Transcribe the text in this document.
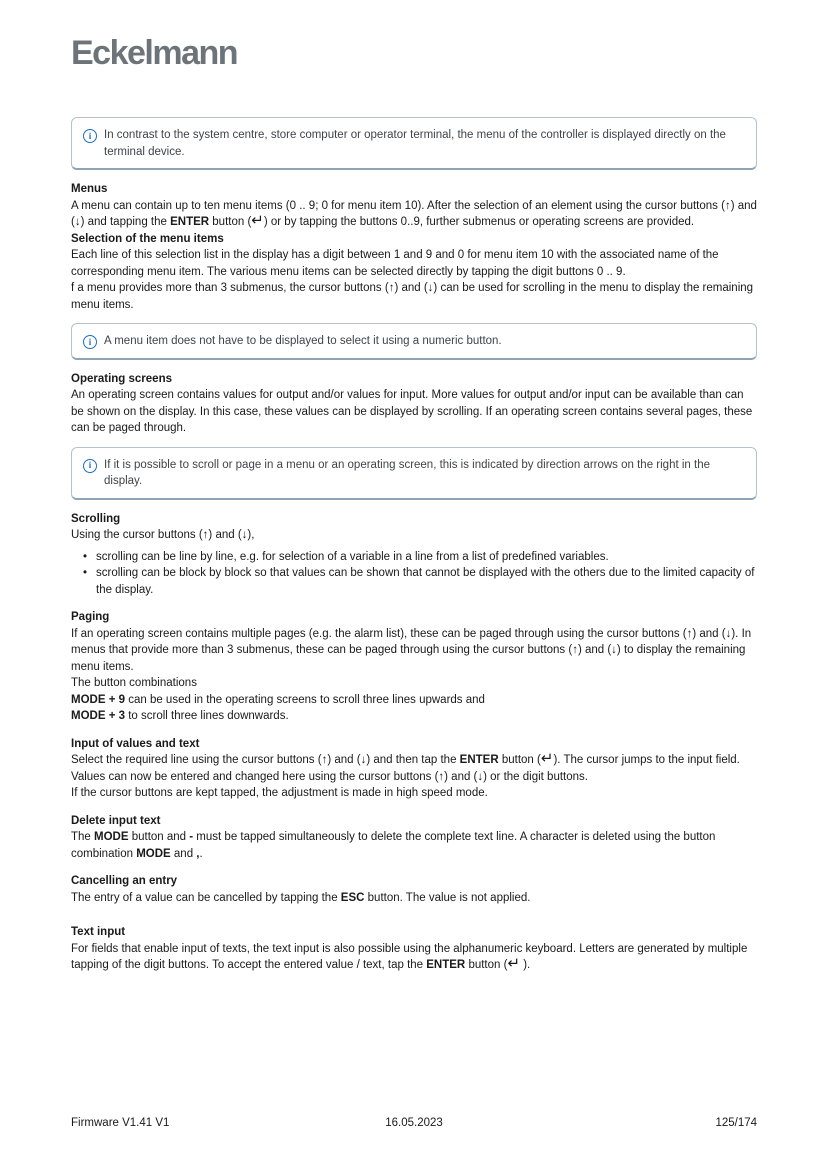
Eckelmann
i	In contrast to the system centre, store computer or operator terminal, the menu of the controller is displayed directly on the terminal device.
Menus

A menu can contain up to ten menu items (0 .. 9; 0 for menu item 10). After the selection of an element using the cursor buttons (↑) and (↓) and tapping the ENTER button (↵) or by tapping the buttons 0..9, further submenus or operating screens are provided.

Selection of the menu items

Each line of this selection list in the display has a digit between 1 and 9 and 0 for menu item 10 with the associated name of the corresponding menu item. The various menu items can be selected directly by tapping the digit buttons 0 .. 9.

f a menu provides more than 3 submenus, the cursor buttons (↑) and (↓) can be used for scrolling in the menu to display the remaining menu items.

i	A menu item does not have to be displayed to select it using a numeric button.
Operating screens

An operating screen contains values for output and/or values for input. More values for output and/or input can be available than can be shown on the display. In this case, these values can be displayed by scrolling. If an operating screen contains several pages, these can be paged through.

i	If it is possible to scroll or page in a menu or an operating screen, this is indicated by direction arrows on the right in the display.
Scrolling

Using the cursor buttons (↑) and (↓),

• scrolling can be line by line, e.g. for selection of a variable in a line from a list of predefined variables.
• scrolling can be block by block so that values can be shown that cannot be displayed with the others due to the limited capacity of the display.
Paging

If an operating screen contains multiple pages (e.g. the alarm list), these can be paged through using the cursor buttons (↑) and (↓). In menus that provide more than 3 submenus, these can be paged through using the cursor buttons (↑) and (↓) to display the remaining menu items.

The button combinations

MODE + 9 can be used in the operating screens to scroll three lines upwards and

MODE + 3 to scroll three lines downwards.

Input of values and text

Select the required line using the cursor buttons (↑) and (↓) and then tap the ENTER button (↵). The cursor jumps to the input field. Values can now be entered and changed here using the cursor buttons (↑) and (↓) or the digit buttons.

If the cursor buttons are kept tapped, the adjustment is made in high speed mode.

Delete input text

The MODE button and - must be tapped simultaneously to delete the complete text line. A character is deleted using the button combination MODE and ,.

Cancelling an entry

The entry of a value can be cancelled by tapping the ESC button. The value is not applied.

Text input

For fields that enable input of texts, the text input is also possible using the alphanumeric keyboard. Letters are generated by multiple tapping of the digit buttons. To accept the entered value / text, tap the ENTER button (↵ ).

Firmware V1.41 V1	16.05.2023	125/174
